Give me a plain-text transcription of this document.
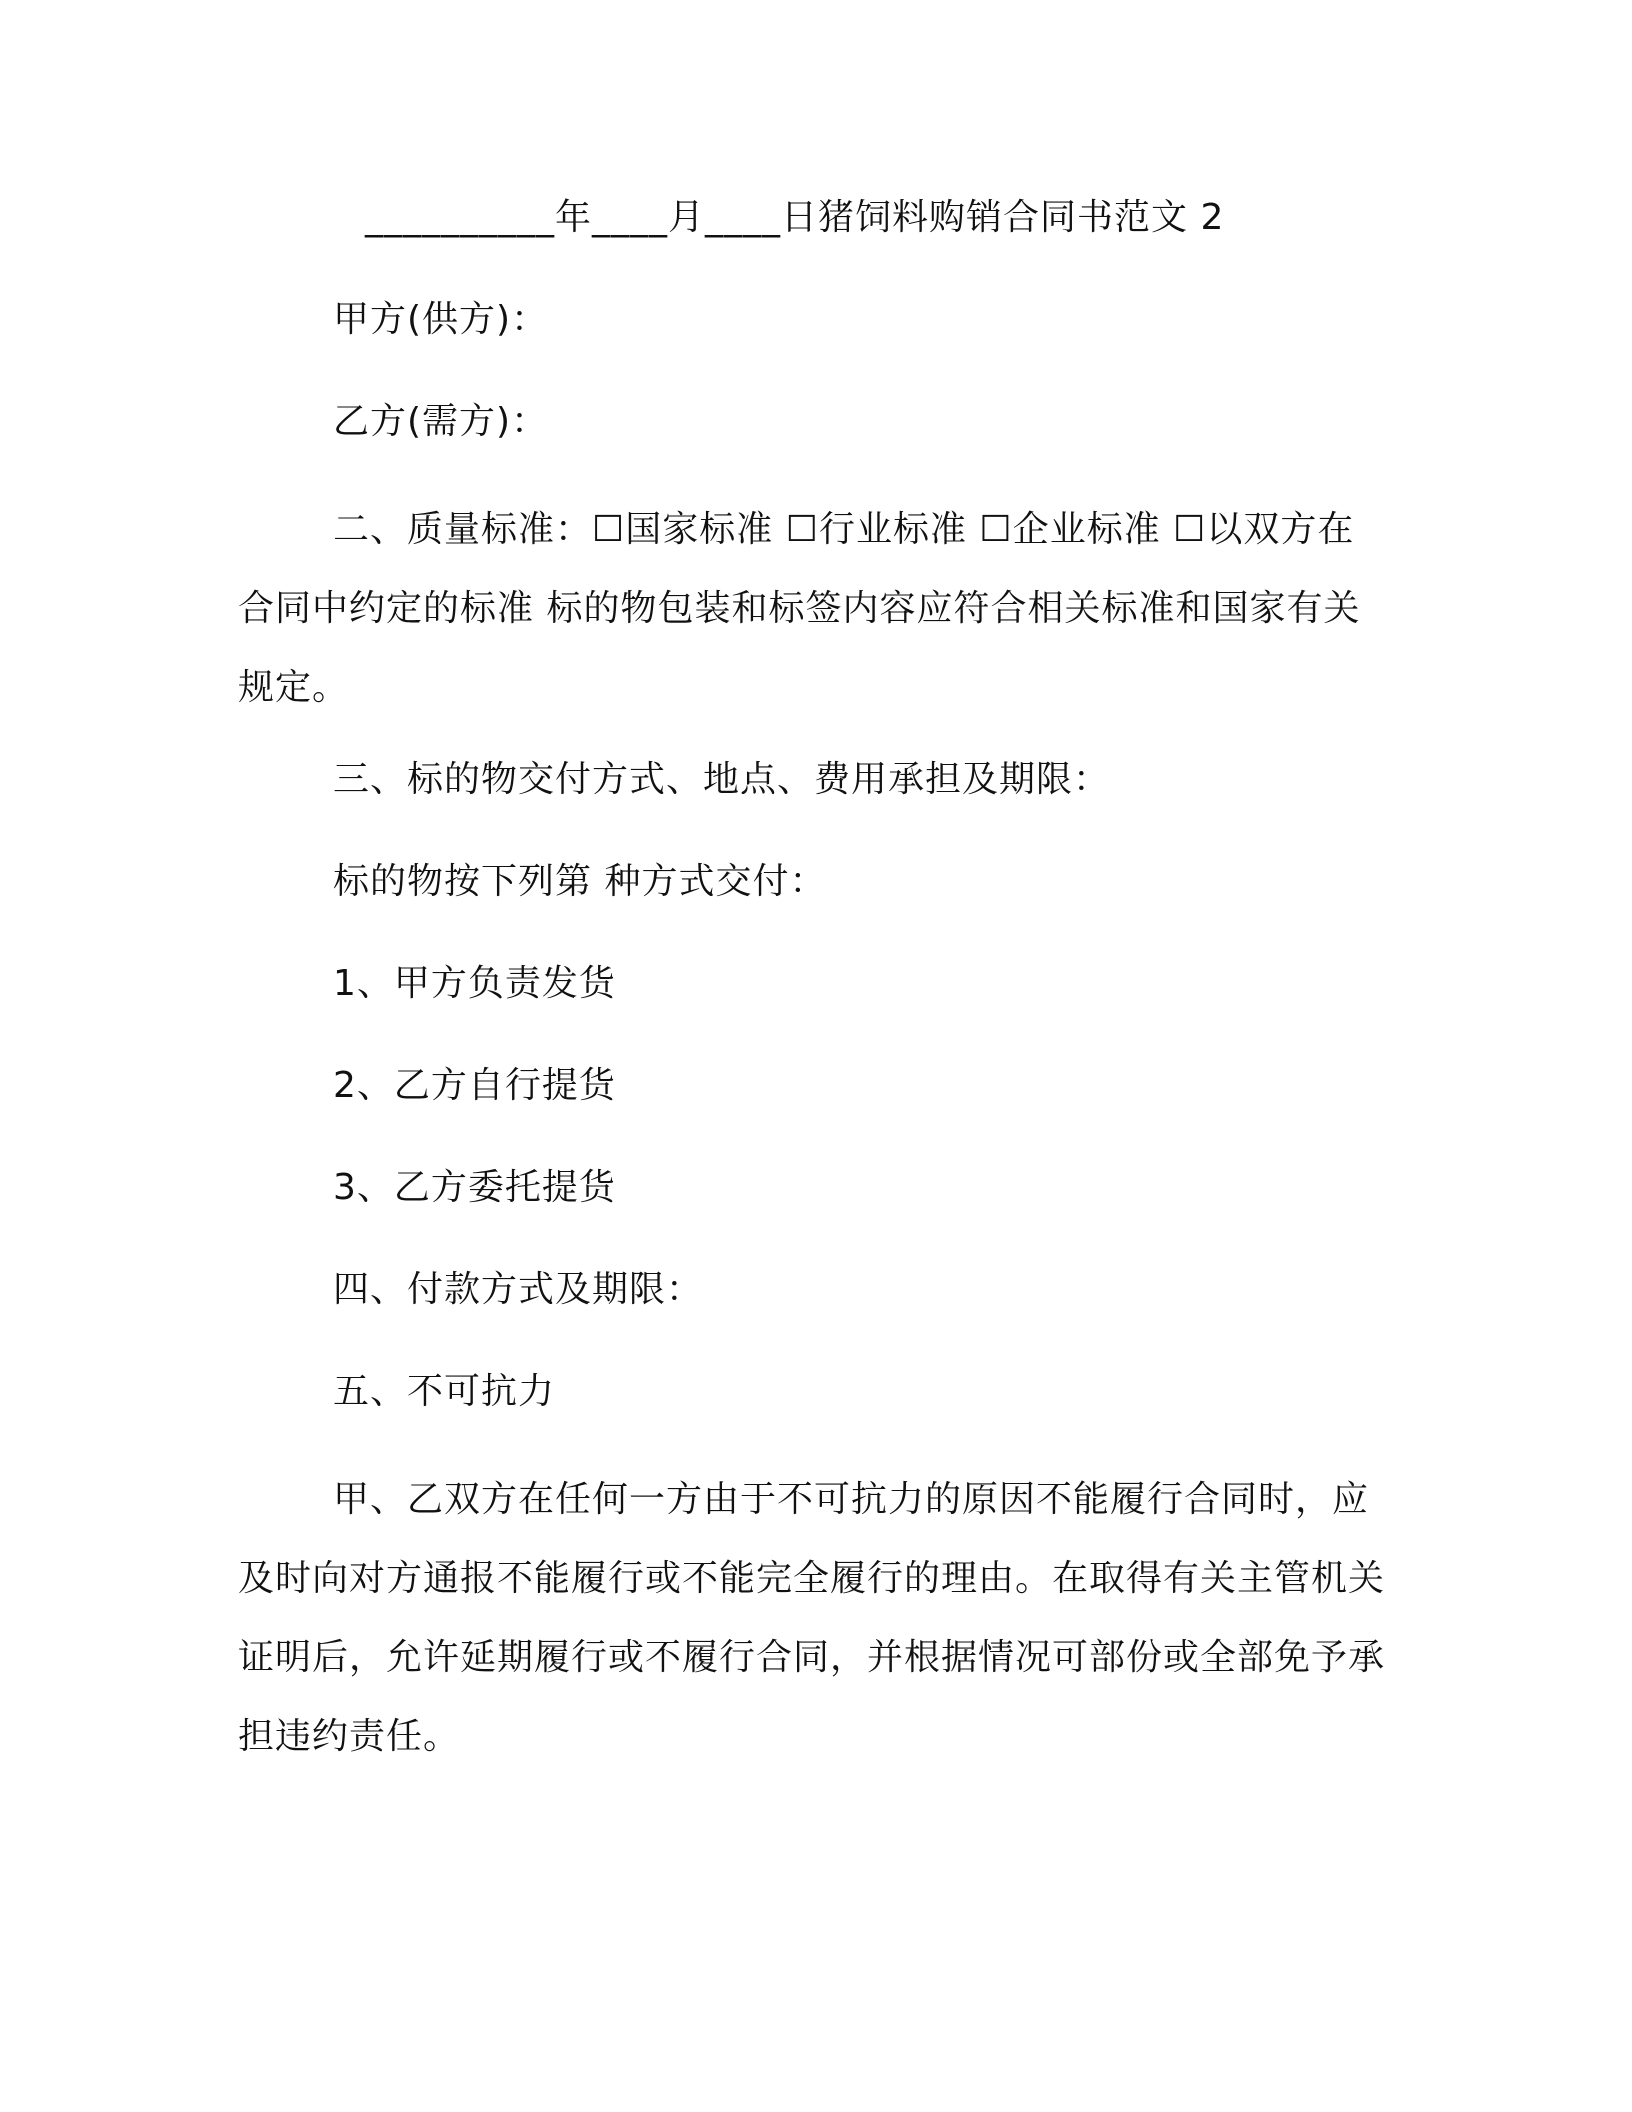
__________年____月____日猪饲料购销合同书范文 2
甲方(供方)：
乙方(需方)：
二、质量标准：☐国家标准 ☐行业标准 ☐企业标准 ☐以双方在合同中约定的标准 标的物包装和标签内容应符合相关标准和国家有关规定。
三、标的物交付方式、地点、费用承担及期限：
标的物按下列第 种方式交付：
1、甲方负责发货
2、乙方自行提货
3、乙方委托提货
四、付款方式及期限：
五、不可抗力
甲、乙双方在任何一方由于不可抗力的原因不能履行合同时，应及时向对方通报不能履行或不能完全履行的理由。在取得有关主管机关证明后，允许延期履行或不履行合同，并根据情况可部份或全部免予承担违约责任。
